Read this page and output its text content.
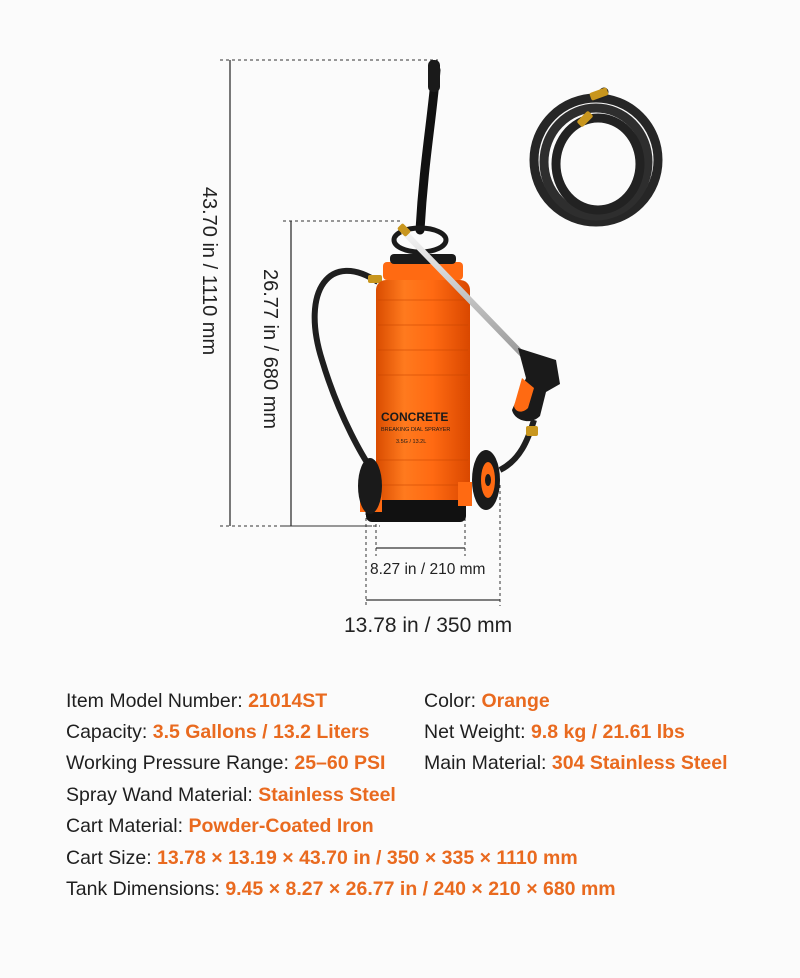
CONCRETE
BREAKING DIAL SPRAYER
3.5G / 13.2L
43.70 in / 1110 mm 26.77 in / 680 mm
8.27 in / 210 mm
13.78 in / 350 mm
Item Model Number: 21014ST	Color: Orange
Capacity: 3.5 Gallons / 13.2 Liters	Net Weight: 9.8 kg / 21.61 lbs
Working Pressure Range: 25–60 PSI Main Material: 304 Stainless Steel
Spray Wand Material: Stainless Steel
Cart Material: Powder-Coated Iron
Cart Size: 13.78 × 13.19 × 43.70 in / 350 × 335 × 1110 mm
Tank Dimensions: 9.45 × 8.27 × 26.77 in / 240 × 210 × 680 mm
